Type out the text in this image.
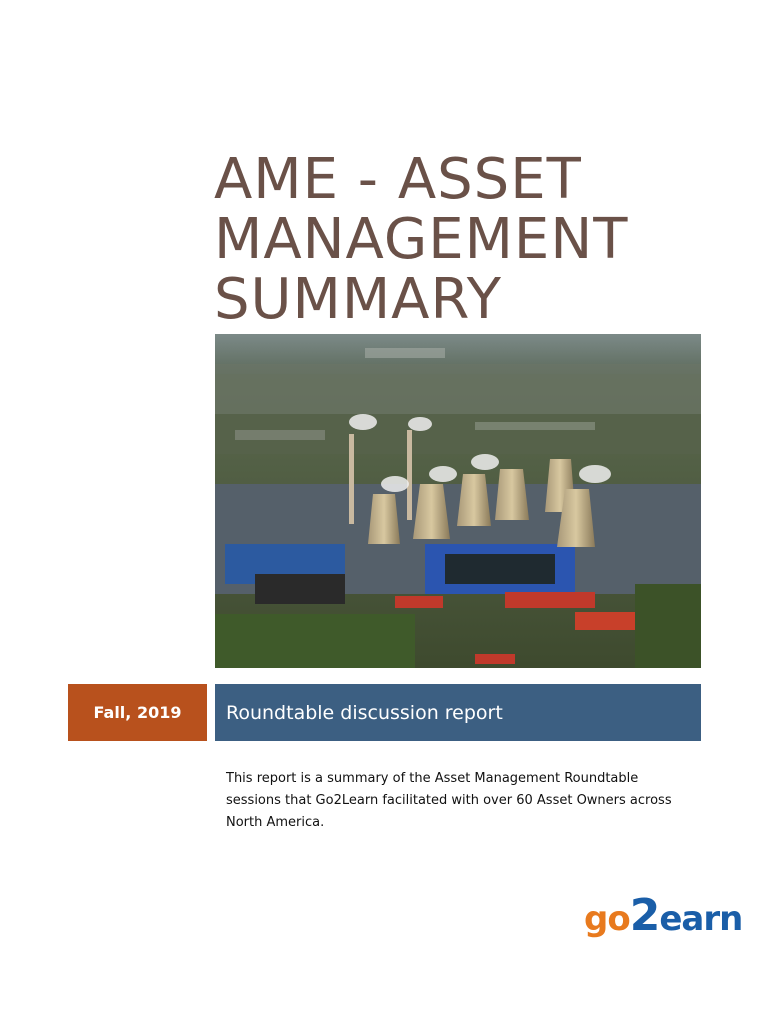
AME - ASSET
MANAGEMENT
SUMMARY
Fall, 2019	Roundtable discussion report

This report is a summary of the Asset Management Roundtable sessions that Go2Learn facilitated with over 60 Asset Owners across North America.

go2earn
